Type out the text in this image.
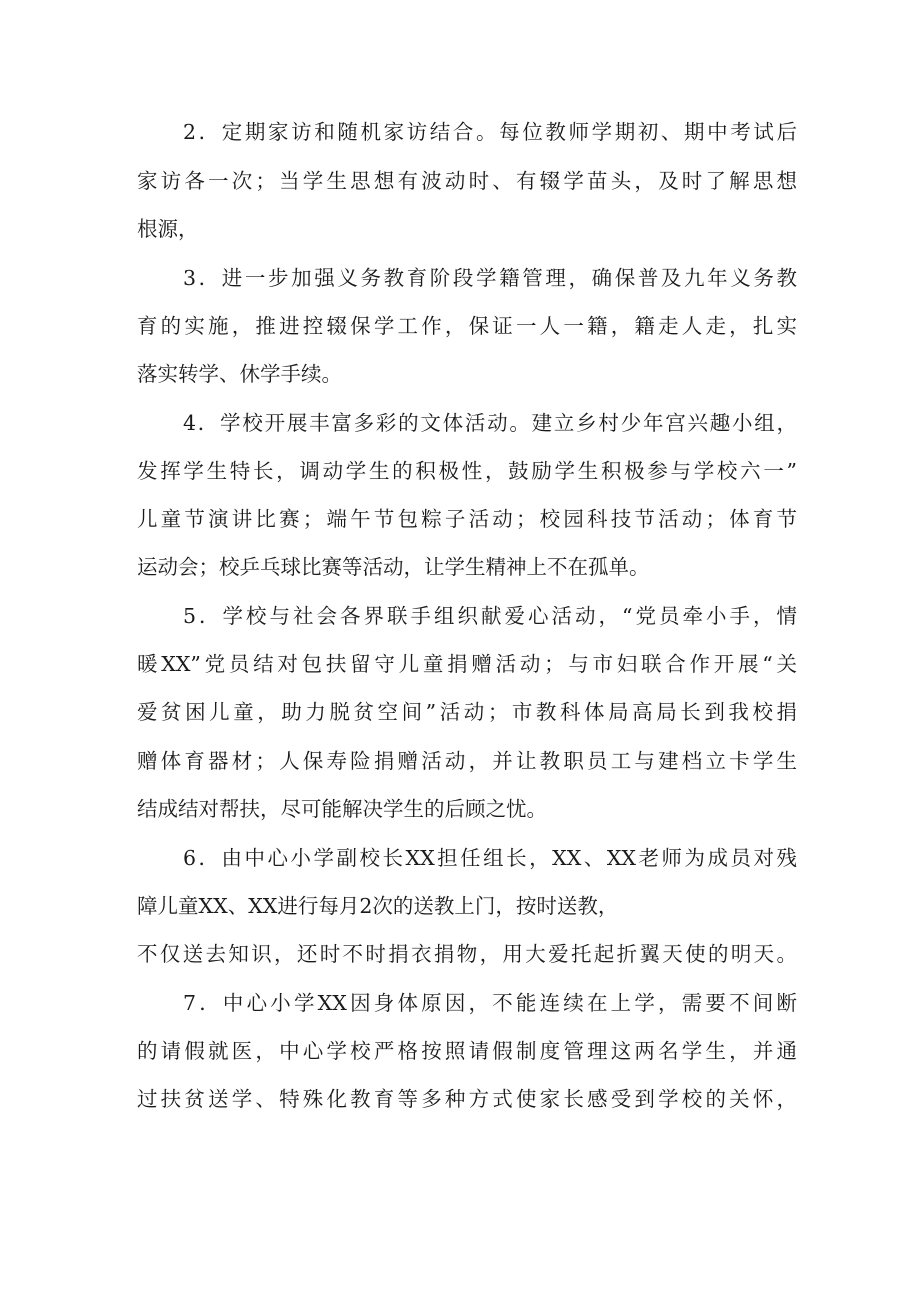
2．定期家访和随机家访结合。每位教师学期初、期中考试后

家访各一次；当学生思想有波动时、有辍学苗头，及时了解思想

根源，

3．进一步加强义务教育阶段学籍管理，确保普及九年义务教

育的实施，推进控辍保学工作，保证一人一籍，籍走人走，扎实

落实转学、休学手续。

4．学校开展丰富多彩的文体活动。建立乡村少年宫兴趣小组，

发挥学生特长，调动学生的积极性，鼓励学生积极参与学校六一”

儿童节演讲比赛；端午节包粽子活动；校园科技节活动；体育节

运动会；校乒乓球比赛等活动，让学生精神上不在孤单。

5．学校与社会各界联手组织献爱心活动，“党员牵小手，情

暖XX”党员结对包扶留守儿童捐赠活动；与市妇联合作开展“关

爱贫困儿童，助力脱贫空间”活动；市教科体局高局长到我校捐

赠体育器材；人保寿险捐赠活动，并让教职员工与建档立卡学生

结成结对帮扶，尽可能解决学生的后顾之忧。

6．由中心小学副校长XX担任组长，XX、XX老师为成员对残

障儿童XX、XX进行每月2次的送教上门，按时送教，

不仅送去知识，还时不时捐衣捐物，用大爱托起折翼天使的明天。

7．中心小学XX因身体原因，不能连续在上学，需要不间断

的请假就医，中心学校严格按照请假制度管理这两名学生，并通

过扶贫送学、特殊化教育等多种方式使家长感受到学校的关怀，
